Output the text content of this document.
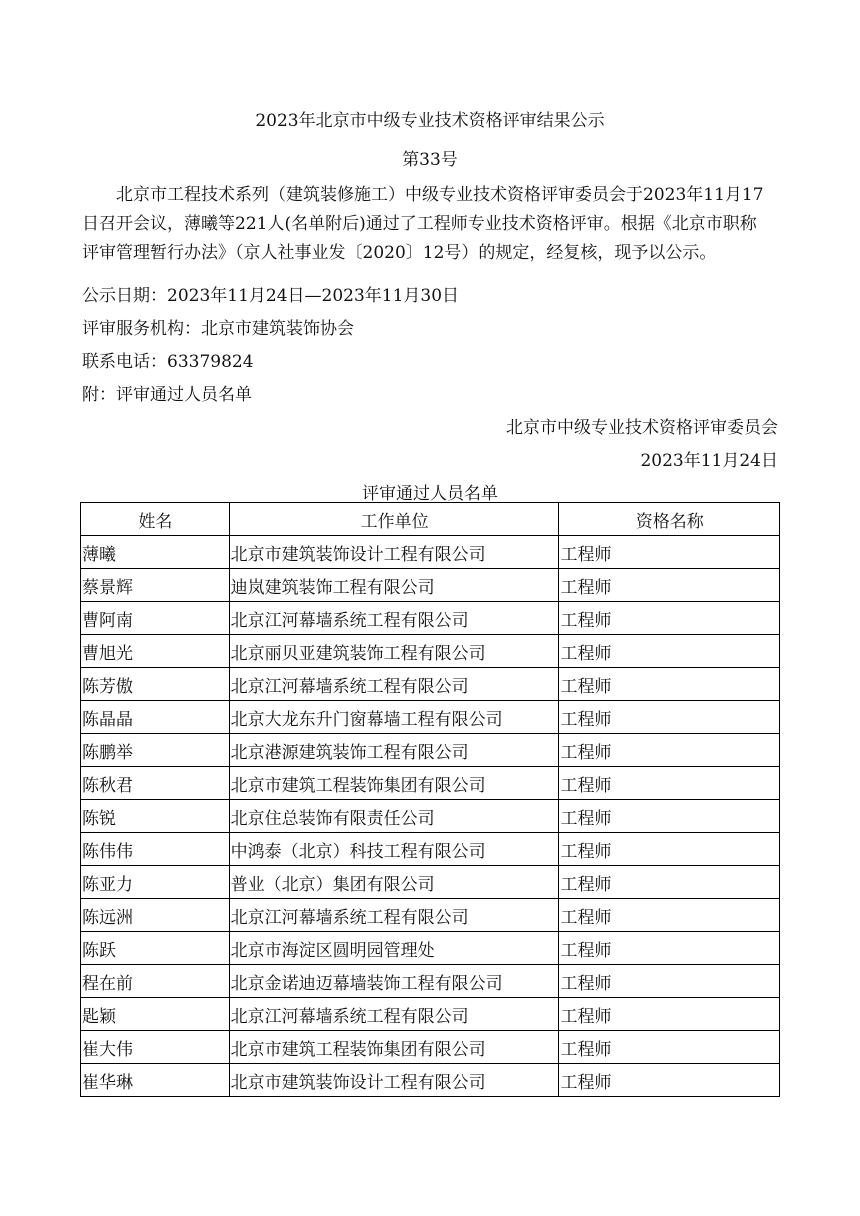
2023年北京市中级专业技术资格评审结果公示
第33号
北京市工程技术系列（建筑装修施工）中级专业技术资格评审委员会于2023年11月17
日召开会议，薄曦等221人(名单附后)通过了工程师专业技术资格评审。根据《北京市职称
评审管理暂行办法》（京人社事业发〔2020〕12号）的规定，经复核，现予以公示。
公示日期：2023年11月24日—2023年11月30日
评审服务机构：北京市建筑装饰协会
联系电话：63379824
附：评审通过人员名单
北京市中级专业技术资格评审委员会
2023年11月24日
评审通过人员名单
姓名	工作单位	资格名称
薄曦	北京市建筑装饰设计工程有限公司	工程师
蔡景辉	迪岚建筑装饰工程有限公司	工程师
曹阿南	北京江河幕墙系统工程有限公司	工程师
曹旭光	北京丽贝亚建筑装饰工程有限公司	工程师
陈芳傲	北京江河幕墙系统工程有限公司	工程师
陈晶晶	北京大龙东升门窗幕墙工程有限公司	工程师
陈鹏举	北京港源建筑装饰工程有限公司	工程师
陈秋君	北京市建筑工程装饰集团有限公司	工程师
陈锐	北京住总装饰有限责任公司	工程师
陈伟伟	中鸿泰（北京）科技工程有限公司	工程师
陈亚力	普业（北京）集团有限公司	工程师
陈远洲	北京江河幕墙系统工程有限公司	工程师
陈跃	北京市海淀区圆明园管理处	工程师
程在前	北京金诺迪迈幕墙装饰工程有限公司	工程师
匙颖	北京江河幕墙系统工程有限公司	工程师
崔大伟	北京市建筑工程装饰集团有限公司	工程师
崔华琳	北京市建筑装饰设计工程有限公司	工程师
